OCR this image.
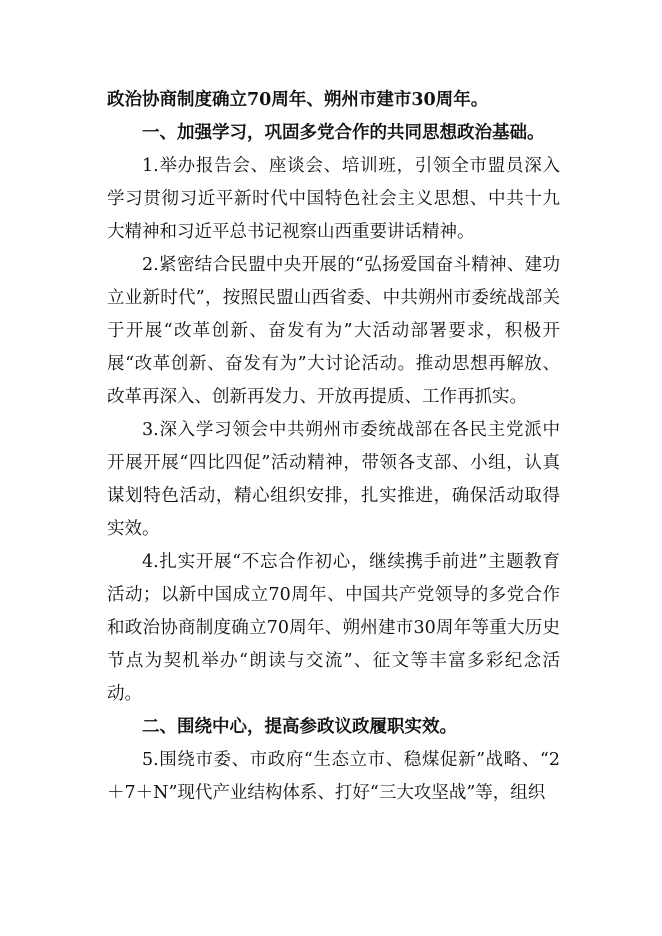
政治协商制度确立70周年、朔州市建市30周年。

一、加强学习，巩固多党合作的共同思想政治基础。

1.举办报告会、座谈会、培训班，引领全市盟员深入学习贯彻习近平新时代中国特色社会主义思想、中共十九大精神和习近平总书记视察山西重要讲话精神。

2.紧密结合民盟中央开展的“弘扬爱国奋斗精神、建功立业新时代”，按照民盟山西省委、中共朔州市委统战部关于开展“改革创新、奋发有为”大活动部署要求，积极开展“改革创新、奋发有为”大讨论活动。推动思想再解放、改革再深入、创新再发力、开放再提质、工作再抓实。

3.深入学习领会中共朔州市委统战部在各民主党派中开展开展“四比四促”活动精神，带领各支部、小组，认真谋划特色活动，精心组织安排，扎实推进，确保活动取得实效。

4.扎实开展“不忘合作初心，继续携手前进”主题教育活动；以新中国成立70周年、中国共产党领导的多党合作和政治协商制度确立70周年、朔州建市30周年等重大历史节点为契机举办“朗读与交流”、征文等丰富多彩纪念活动。

二、围绕中心，提高参政议政履职实效。

5.围绕市委、市政府“生态立市、稳煤促新”战略、“2＋7＋N”现代产业结构体系、打好“三大攻坚战”等，组织
